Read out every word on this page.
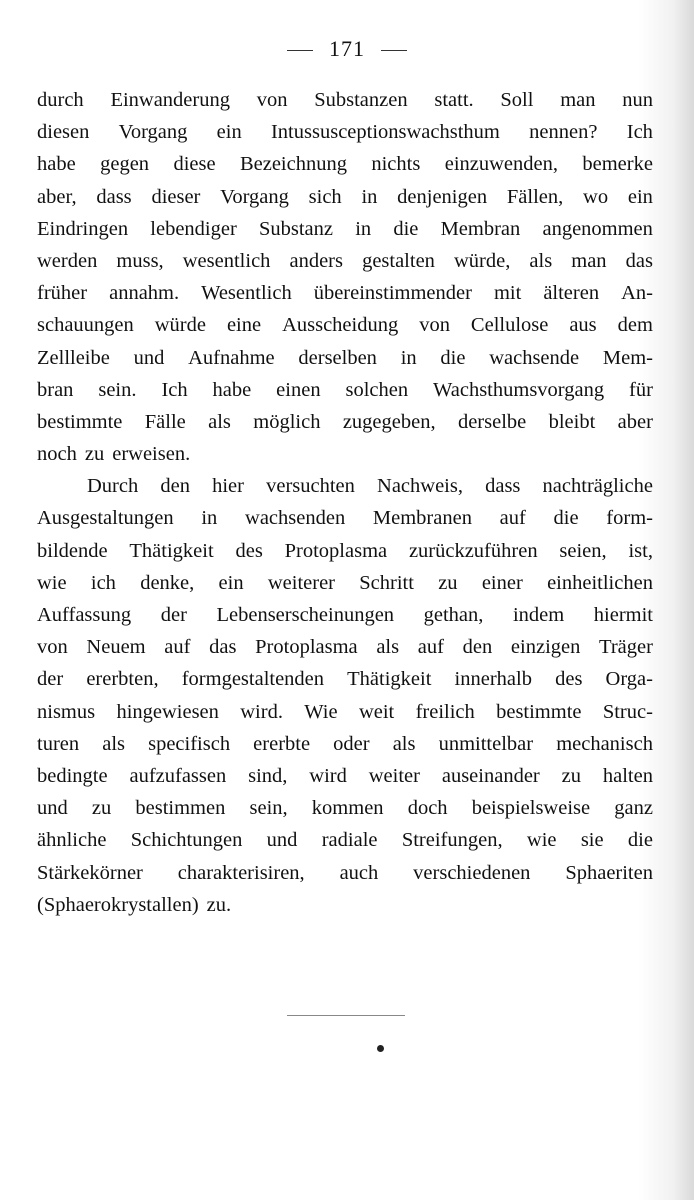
171
durch Einwanderung von Substanzen statt. Soll man nun
diesen Vorgang ein Intussusceptionswachsthum nennen? Ich
habe gegen diese Bezeichnung nichts einzuwenden, bemerke
aber, dass dieser Vorgang sich in denjenigen Fällen, wo ein
Eindringen lebendiger Substanz in die Membran angenommen
werden muss, wesentlich anders gestalten würde, als man das
früher annahm. Wesentlich übereinstimmender mit älteren An-
schauungen würde eine Ausscheidung von Cellulose aus dem
Zellleibe und Aufnahme derselben in die wachsende Mem-
bran sein. Ich habe einen solchen Wachsthumsvorgang für
bestimmte Fälle als möglich zugegeben, derselbe bleibt aber
noch zu erweisen.
Durch den hier versuchten Nachweis, dass nachträgliche
Ausgestaltungen in wachsenden Membranen auf die form-
bildende Thätigkeit des Protoplasma zurückzuführen seien, ist,
wie ich denke, ein weiterer Schritt zu einer einheitlichen
Auffassung der Lebenserscheinungen gethan, indem hiermit
von Neuem auf das Protoplasma als auf den einzigen Träger
der ererbten, formgestaltenden Thätigkeit innerhalb des Orga-
nismus hingewiesen wird. Wie weit freilich bestimmte Struc-
turen als specifisch ererbte oder als unmittelbar mechanisch
bedingte aufzufassen sind, wird weiter auseinander zu halten
und zu bestimmen sein, kommen doch beispielsweise ganz
ähnliche Schichtungen und radiale Streifungen, wie sie die
Stärkekörner charakterisiren, auch verschiedenen Sphaeriten
(Sphaerokrystallen) zu.
